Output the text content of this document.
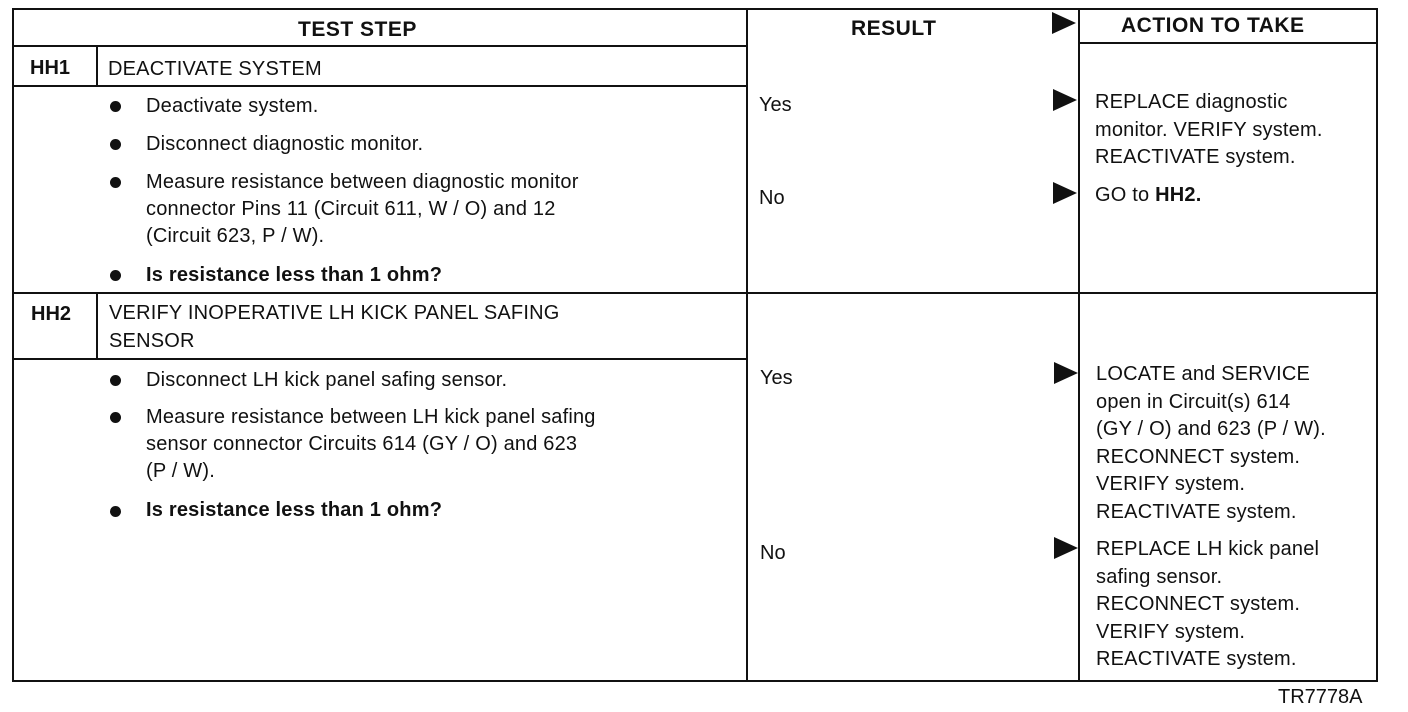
TEST STEP	RESULT	ACTION TO TAKE
HH1 DEACTIVATE SYSTEM
Deactivate system.
Disconnect diagnostic monitor.
Measure resistance between diagnostic monitor
connector Pins 11 (Circuit 611, W / O) and 12
(Circuit 623, P / W).
Is resistance less than 1 ohm?
Yes	REPLACE diagnostic
monitor. VERIFY system.
REACTIVATE system.
No	GO to HH2.
HH2 VERIFY INOPERATIVE LH KICK PANEL SAFING
SENSOR
Disconnect LH kick panel safing sensor.
Measure resistance between LH kick panel safing
sensor connector Circuits 614 (GY / O) and 623
(P / W).
Is resistance less than 1 ohm?
Yes	LOCATE and SERVICE
open in Circuit(s) 614
(GY / O) and 623 (P / W).
RECONNECT system.
VERIFY system.
REACTIVATE system.
No	REPLACE LH kick panel
safing sensor.
RECONNECT system.
VERIFY system.
REACTIVATE system.
TR7778A
